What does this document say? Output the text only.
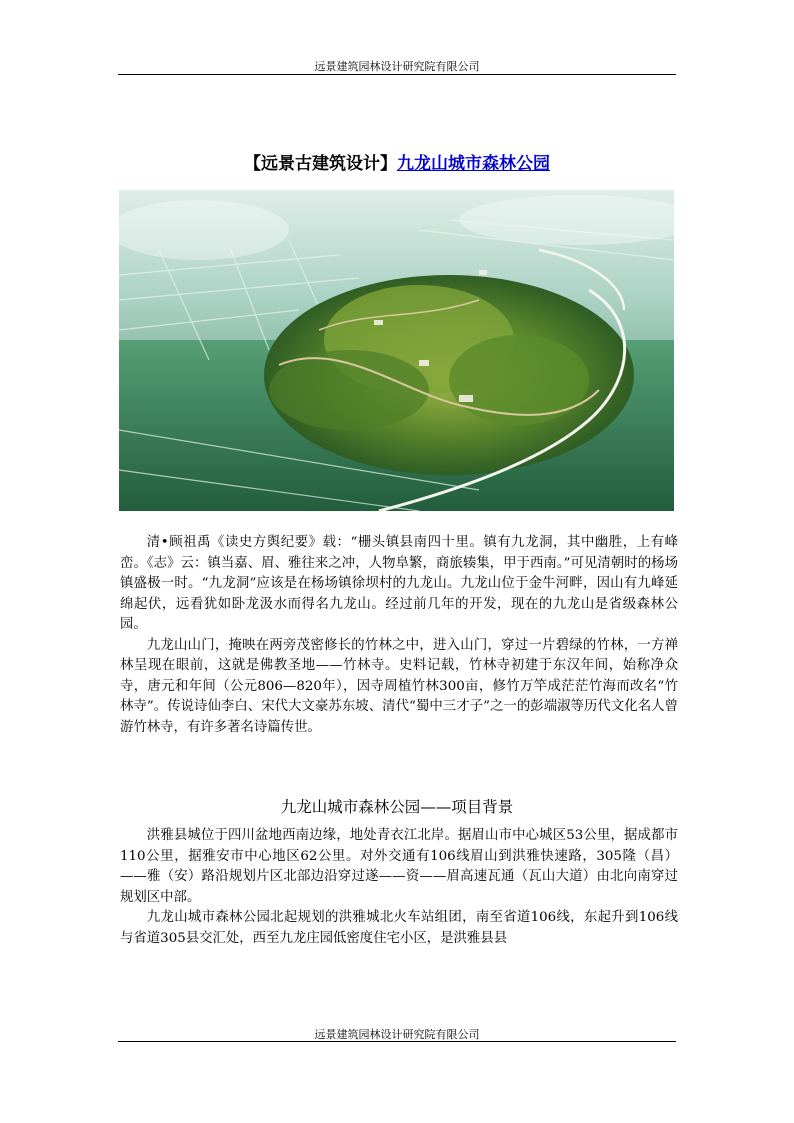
远景建筑园林设计研究院有限公司
【远景古建筑设计】九龙山城市森林公园

清•顾祖禹《读史方舆纪要》载：“栅头镇县南四十里。镇有九龙洞，其中幽胜，上有峰峦。《志》云：镇当嘉、眉、雅往来之冲，人物阜繁，商旅辏集，甲于西南。”可见清朝时的杨场镇盛极一时。“九龙洞”应该是在杨场镇徐坝村的九龙山。九龙山位于金牛河畔，因山有九峰延绵起伏，远看犹如卧龙汲水而得名九龙山。经过前几年的开发，现在的九龙山是省级森林公园。

九龙山山门，掩映在两旁茂密修长的竹林之中，进入山门，穿过一片碧绿的竹林，一方禅林呈现在眼前，这就是佛教圣地——竹林寺。史料记载，竹林寺初建于东汉年间，始称净众寺，唐元和年间（公元806—820年），因寺周植竹林300亩，修竹万竿成茫茫竹海而改名“竹林寺”。传说诗仙李白、宋代大文豪苏东坡、清代“蜀中三才子”之一的彭端淑等历代文化名人曾游竹林寺，有许多著名诗篇传世。

九龙山城市森林公园——项目背景

洪雅县城位于四川盆地西南边缘，地处青衣江北岸。据眉山市中心城区53公里，据成都市110公里，据雅安市中心地区62公里。对外交通有106线眉山到洪雅快速路，305隆（昌）——雅（安）路沿规划片区北部边沿穿过遂——资——眉高速瓦通（瓦山大道）由北向南穿过规划区中部。

九龙山城市森林公园北起规划的洪雅城北火车站组团，南至省道106线，东起升到106线与省道305县交汇处，西至九龙庄园低密度住宅小区，是洪雅县县

远景建筑园林设计研究院有限公司
